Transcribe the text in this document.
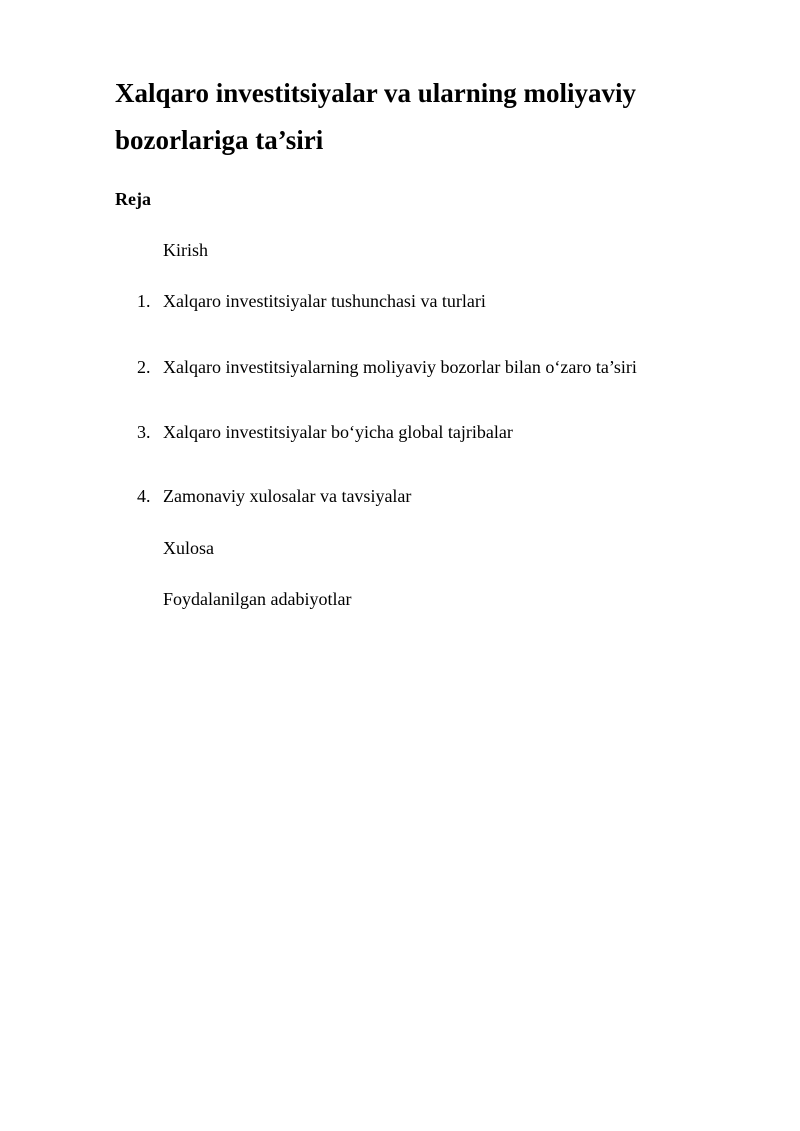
Xalqaro investitsiyalar va ularning moliyaviy bozorlariga ta’siri

Reja

Kirish

1. Xalqaro investitsiyalar tushunchasi va turlari

2. Xalqaro investitsiyalarning moliyaviy bozorlar bilan o‘zaro ta’siri

3. Xalqaro investitsiyalar bo‘yicha global tajribalar

4. Zamonaviy xulosalar va tavsiyalar

Xulosa

Foydalanilgan adabiyotlar
